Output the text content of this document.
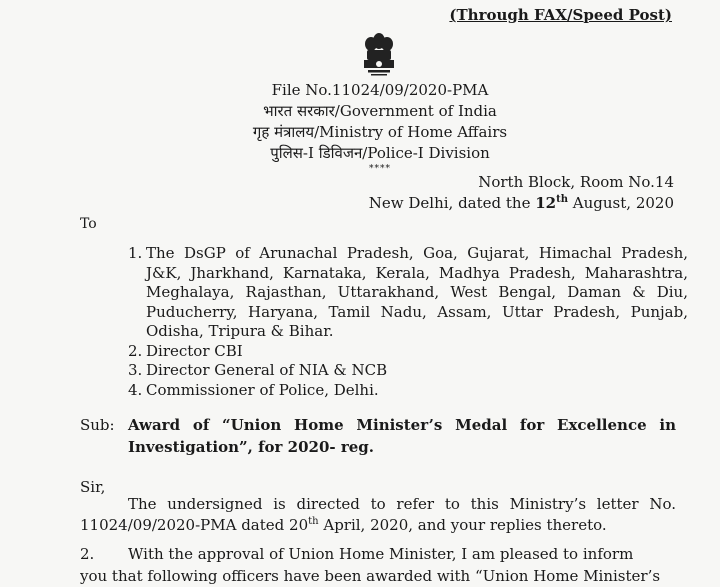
(Through FAX/Speed Post)
File No.11024/09/2020-PMA
भारत सरकार/Government of India
गृह मंत्रालय/Ministry of Home Affairs
पुलिस-I डिविजन/Police-I Division
****
North Block, Room No.14
New Delhi, dated the 12th August, 2020
To
1. The DsGP of Arunachal Pradesh, Goa, Gujarat, Himachal Pradesh, J&K, Jharkhand, Karnataka, Kerala, Madhya Pradesh, Maharashtra, Meghalaya, Rajasthan, Uttarakhand, West Bengal, Daman & Diu, Puducherry, Haryana, Tamil Nadu, Assam, Uttar Pradesh, Punjab, Odisha, Tripura & Bihar.
2. Director CBI
3. Director General of NIA & NCB
4. Commissioner of Police, Delhi.
Sub: Award of “Union Home Minister’s Medal for Excellence in Investigation”, for 2020- reg.
Sir,
The undersigned is directed to refer to this Ministry’s letter No. 11024/09/2020-PMA dated 20th April, 2020, and your replies thereto.
2.	With the approval of Union Home Minister, I am pleased to inform
you that following officers have been awarded with “Union Home Minister’s
